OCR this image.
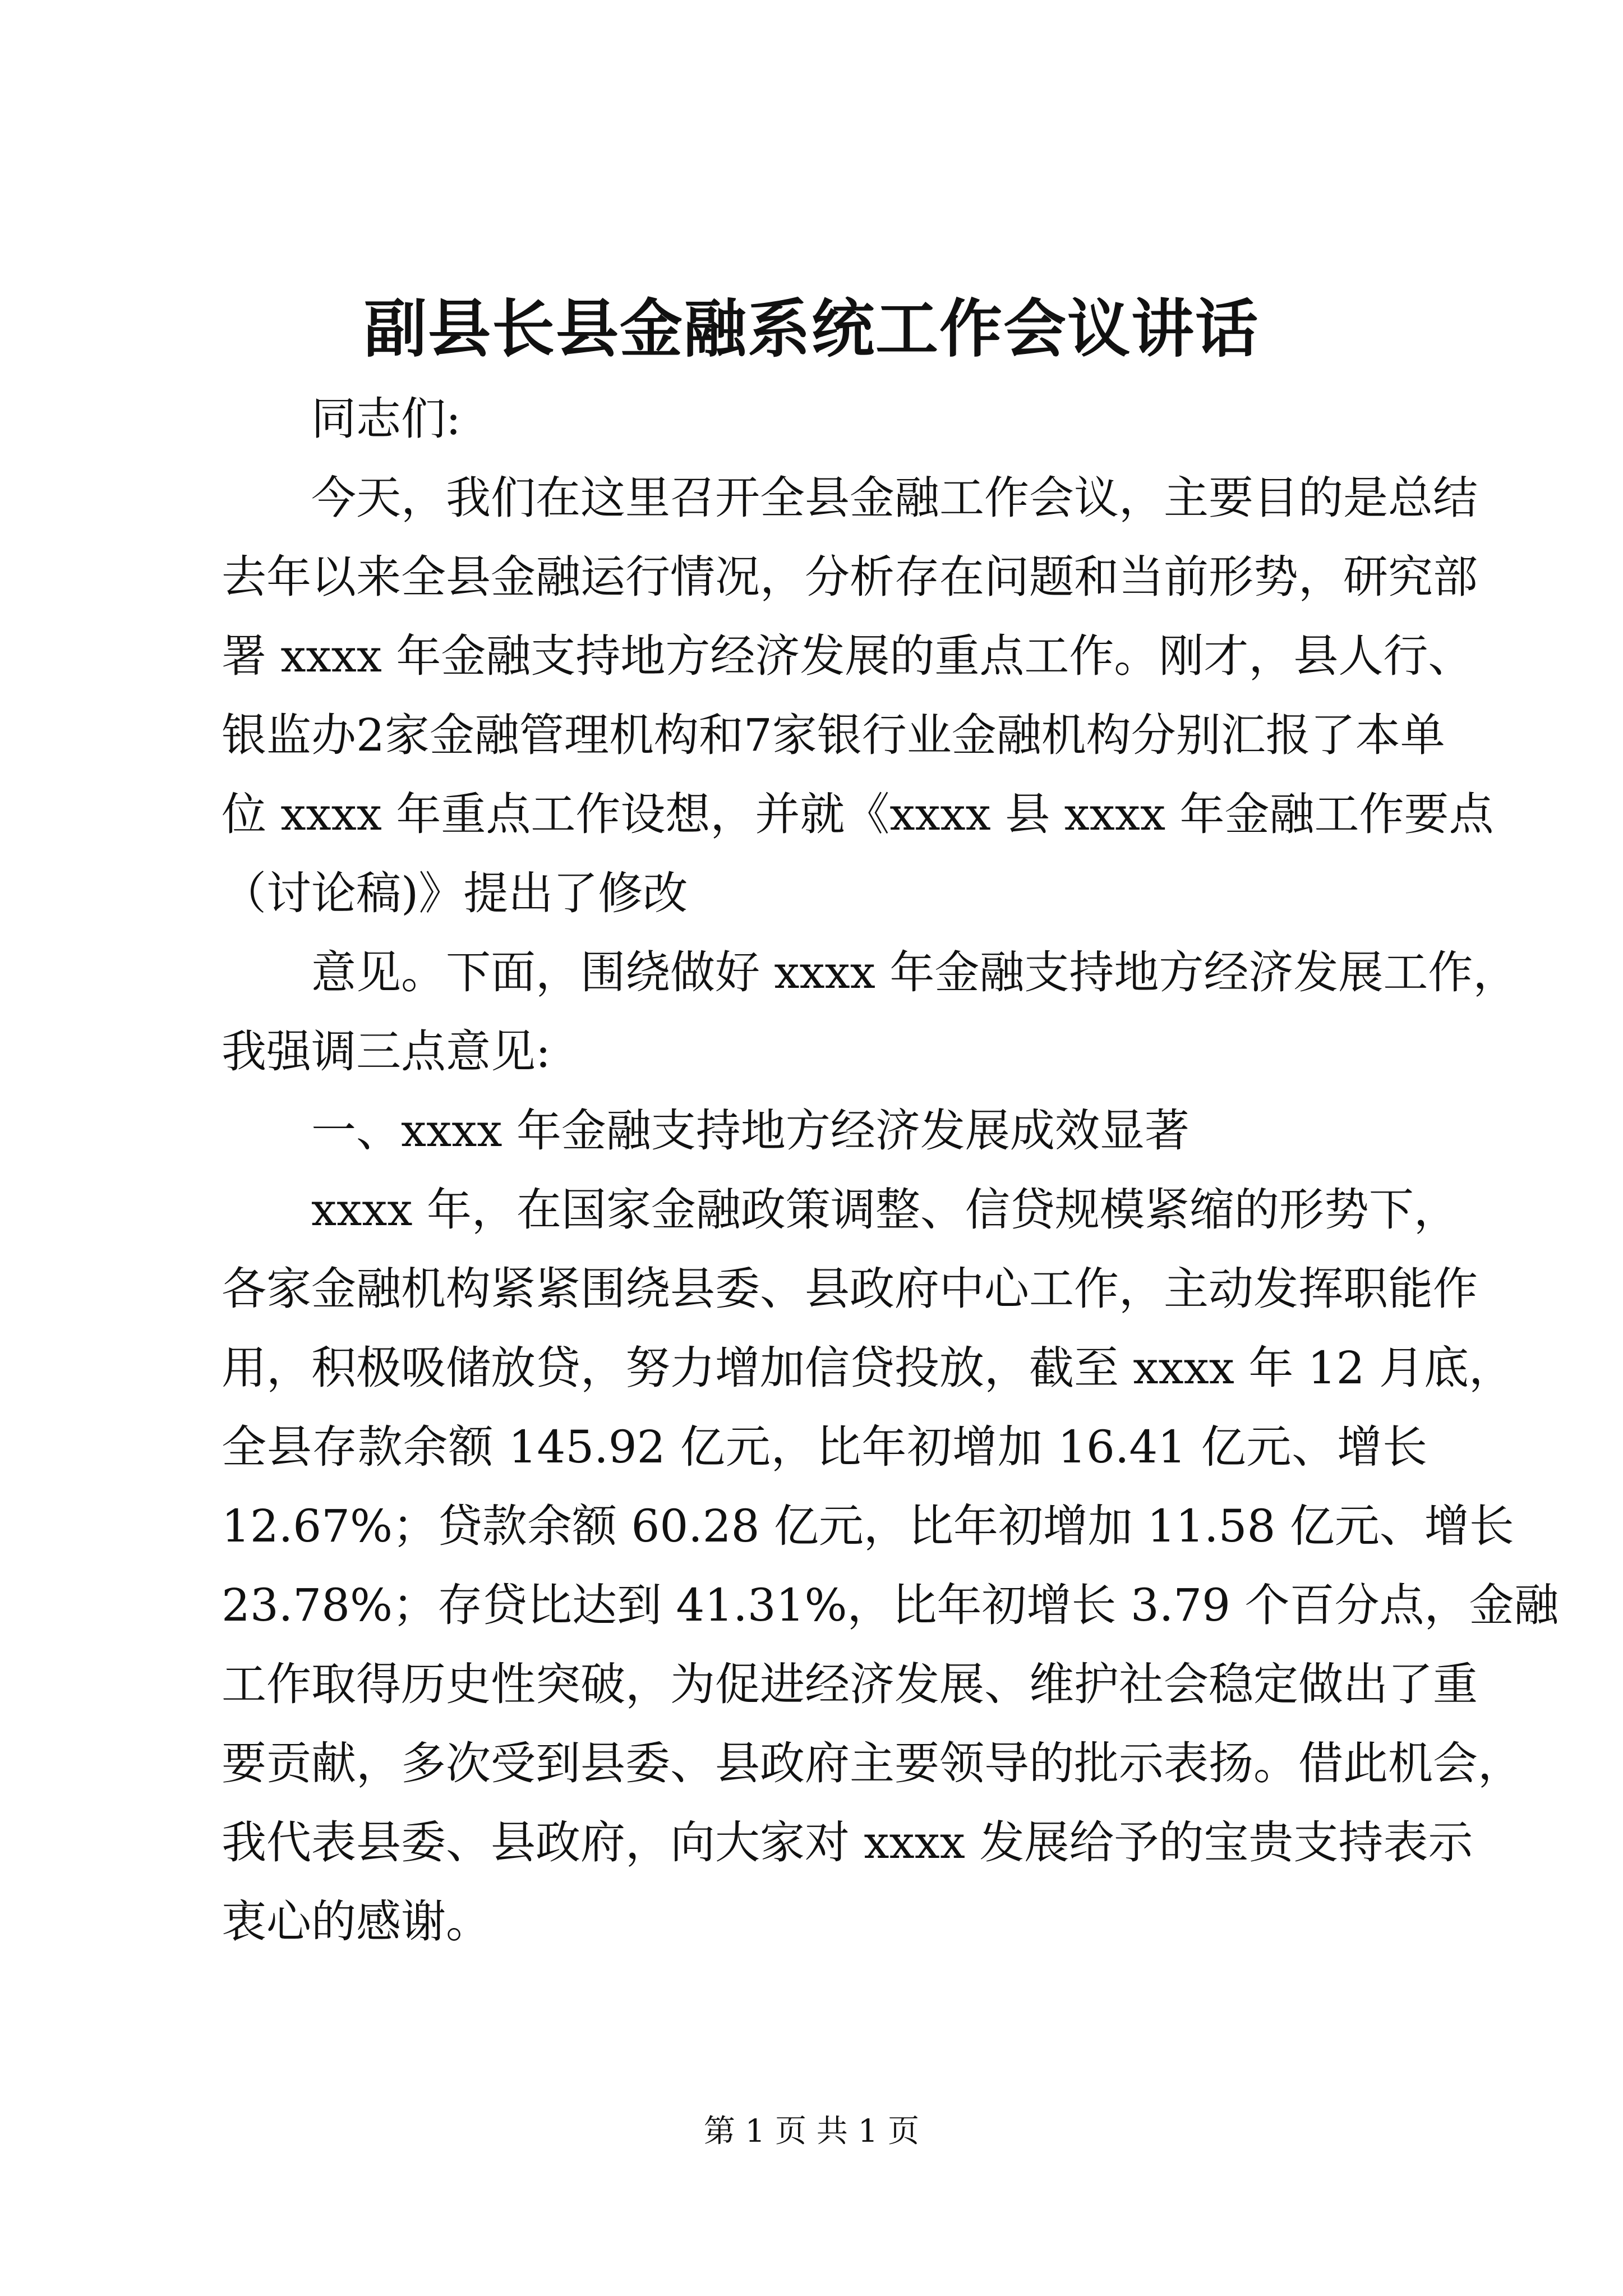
副县长县金融系统工作会议讲话
同志们:
今天，我们在这里召开全县金融工作会议，主要目的是总结
去年以来全县金融运行情况，分析存在问题和当前形势，研究部
署 xxxx 年金融支持地方经济发展的重点工作。刚才，县人行、
银监办2家金融管理机构和7家银行业金融机构分别汇报了本单
位 xxxx 年重点工作设想，并就《xxxx 县 xxxx 年金融工作要点
（讨论稿)》提出了修改
意见。下面，围绕做好 xxxx 年金融支持地方经济发展工作，
我强调三点意见:
一、xxxx 年金融支持地方经济发展成效显著
xxxx 年，在国家金融政策调整、信贷规模紧缩的形势下，
各家金融机构紧紧围绕县委、县政府中心工作，主动发挥职能作
用，积极吸储放贷，努力增加信贷投放，截至 xxxx 年 12 月底，
全县存款余额 145.92 亿元，比年初增加 16.41 亿元、增长
12.67%；贷款余额 60.28 亿元，比年初增加 11.58 亿元、增长
23.78%；存贷比达到 41.31%，比年初增长 3.79 个百分点，金融
工作取得历史性突破，为促进经济发展、维护社会稳定做出了重
要贡献，多次受到县委、县政府主要领导的批示表扬。借此机会，
我代表县委、县政府，向大家对 xxxx 发展给予的宝贵支持表示
衷心的感谢。
第 1 页 共 1 页
